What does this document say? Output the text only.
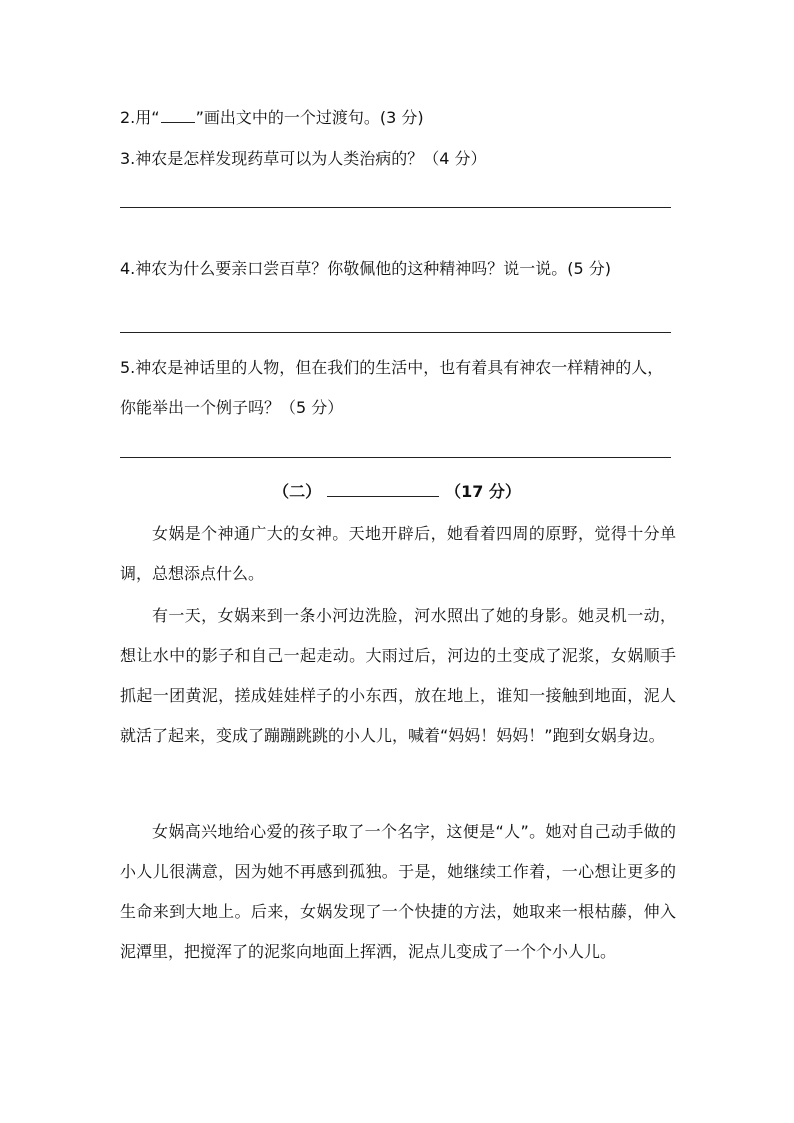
2.用“ ”画出文中的一个过渡句。(3 分)
3.神农是怎样发现药草可以为人类治病的？（4 分）
4.神农为什么要亲口尝百草？你敬佩他的这种精神吗？说一说。(5 分)
5.神农是神话里的人物，但在我们的生活中，也有着具有神农一样精神的人，你能举出一个例子吗？（5 分）
（二）	（17 分）
女娲是个神通广大的女神。天地开辟后，她看着四周的原野，觉得十分单调，总想添点什么。
有一天，女娲来到一条小河边洗脸，河水照出了她的身影。她灵机一动，想让水中的影子和自己一起走动。大雨过后，河边的土变成了泥浆，女娲顺手抓起一团黄泥，搓成娃娃样子的小东西，放在地上，谁知一接触到地面，泥人就活了起来，变成了蹦蹦跳跳的小人儿，喊着“妈妈！妈妈！”跑到女娲身边。
女娲高兴地给心爱的孩子取了一个名字，这便是“人”。她对自己动手做的小人儿很满意，因为她不再感到孤独。于是，她继续工作着，一心想让更多的生命来到大地上。后来，女娲发现了一个快捷的方法，她取来一根枯藤，伸入泥潭里，把搅浑了的泥浆向地面上挥洒，泥点儿变成了一个个小人儿。
